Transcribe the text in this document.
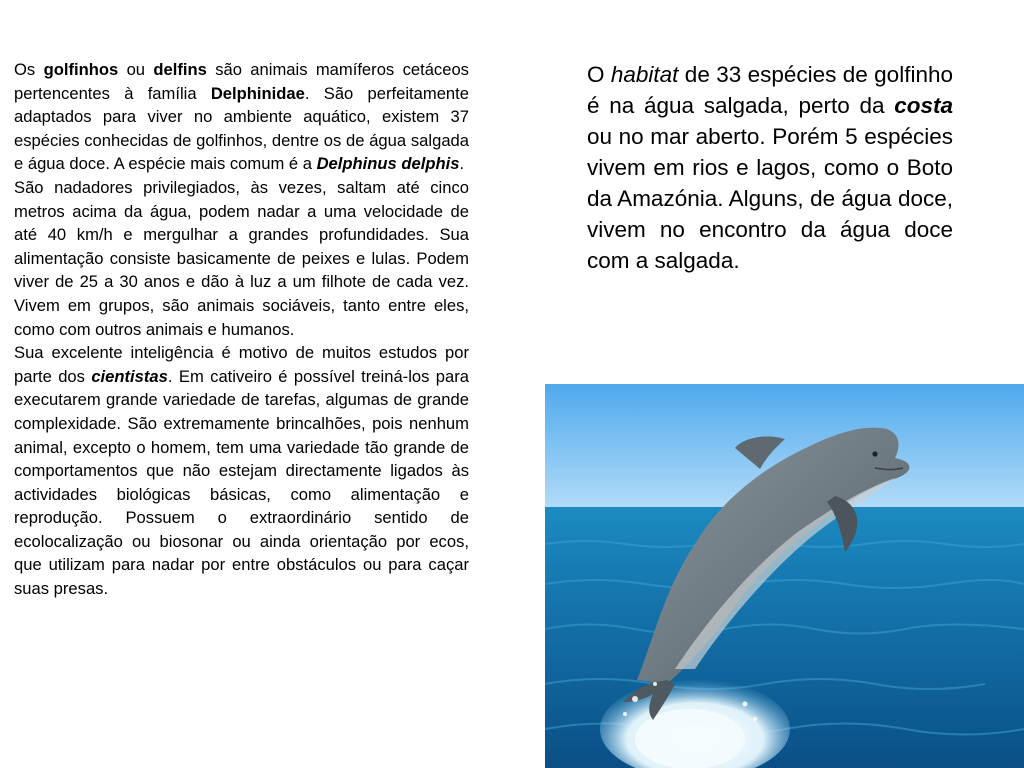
Os golfinhos ou delfins são animais mamíferos cetáceos pertencentes à família Delphinidae. São perfeitamente adaptados para viver no ambiente aquático, existem 37 espécies conhecidas de golfinhos, dentre os de água salgada e água doce. A espécie mais comum é a Delphinus delphis.

São nadadores privilegiados, às vezes, saltam até cinco metros acima da água, podem nadar a uma velocidade de até 40 km/h e mergulhar a grandes profundidades. Sua alimentação consiste basicamente de peixes e lulas. Podem viver de 25 a 30 anos e dão à luz a um filhote de cada vez. Vivem em grupos, são animais sociáveis, tanto entre eles, como com outros animais e humanos.

Sua excelente inteligência é motivo de muitos estudos por parte dos cientistas. Em cativeiro é possível treiná-los para executarem grande variedade de tarefas, algumas de grande complexidade. São extremamente brincalhões, pois nenhum animal, excepto o homem, tem uma variedade tão grande de comportamentos que não estejam directamente ligados às actividades biológicas básicas, como alimentação e reprodução. Possuem o extraordinário sentido de ecolocalização ou biosonar ou ainda orientação por ecos, que utilizam para nadar por entre obstáculos ou para caçar suas presas.

O habitat de 33 espécies de golfinho é na água salgada, perto da costa ou no mar aberto. Porém 5 espécies vivem em rios e lagos, como o Boto da Amazónia. Alguns, de água doce, vivem no encontro da água doce com a salgada.
